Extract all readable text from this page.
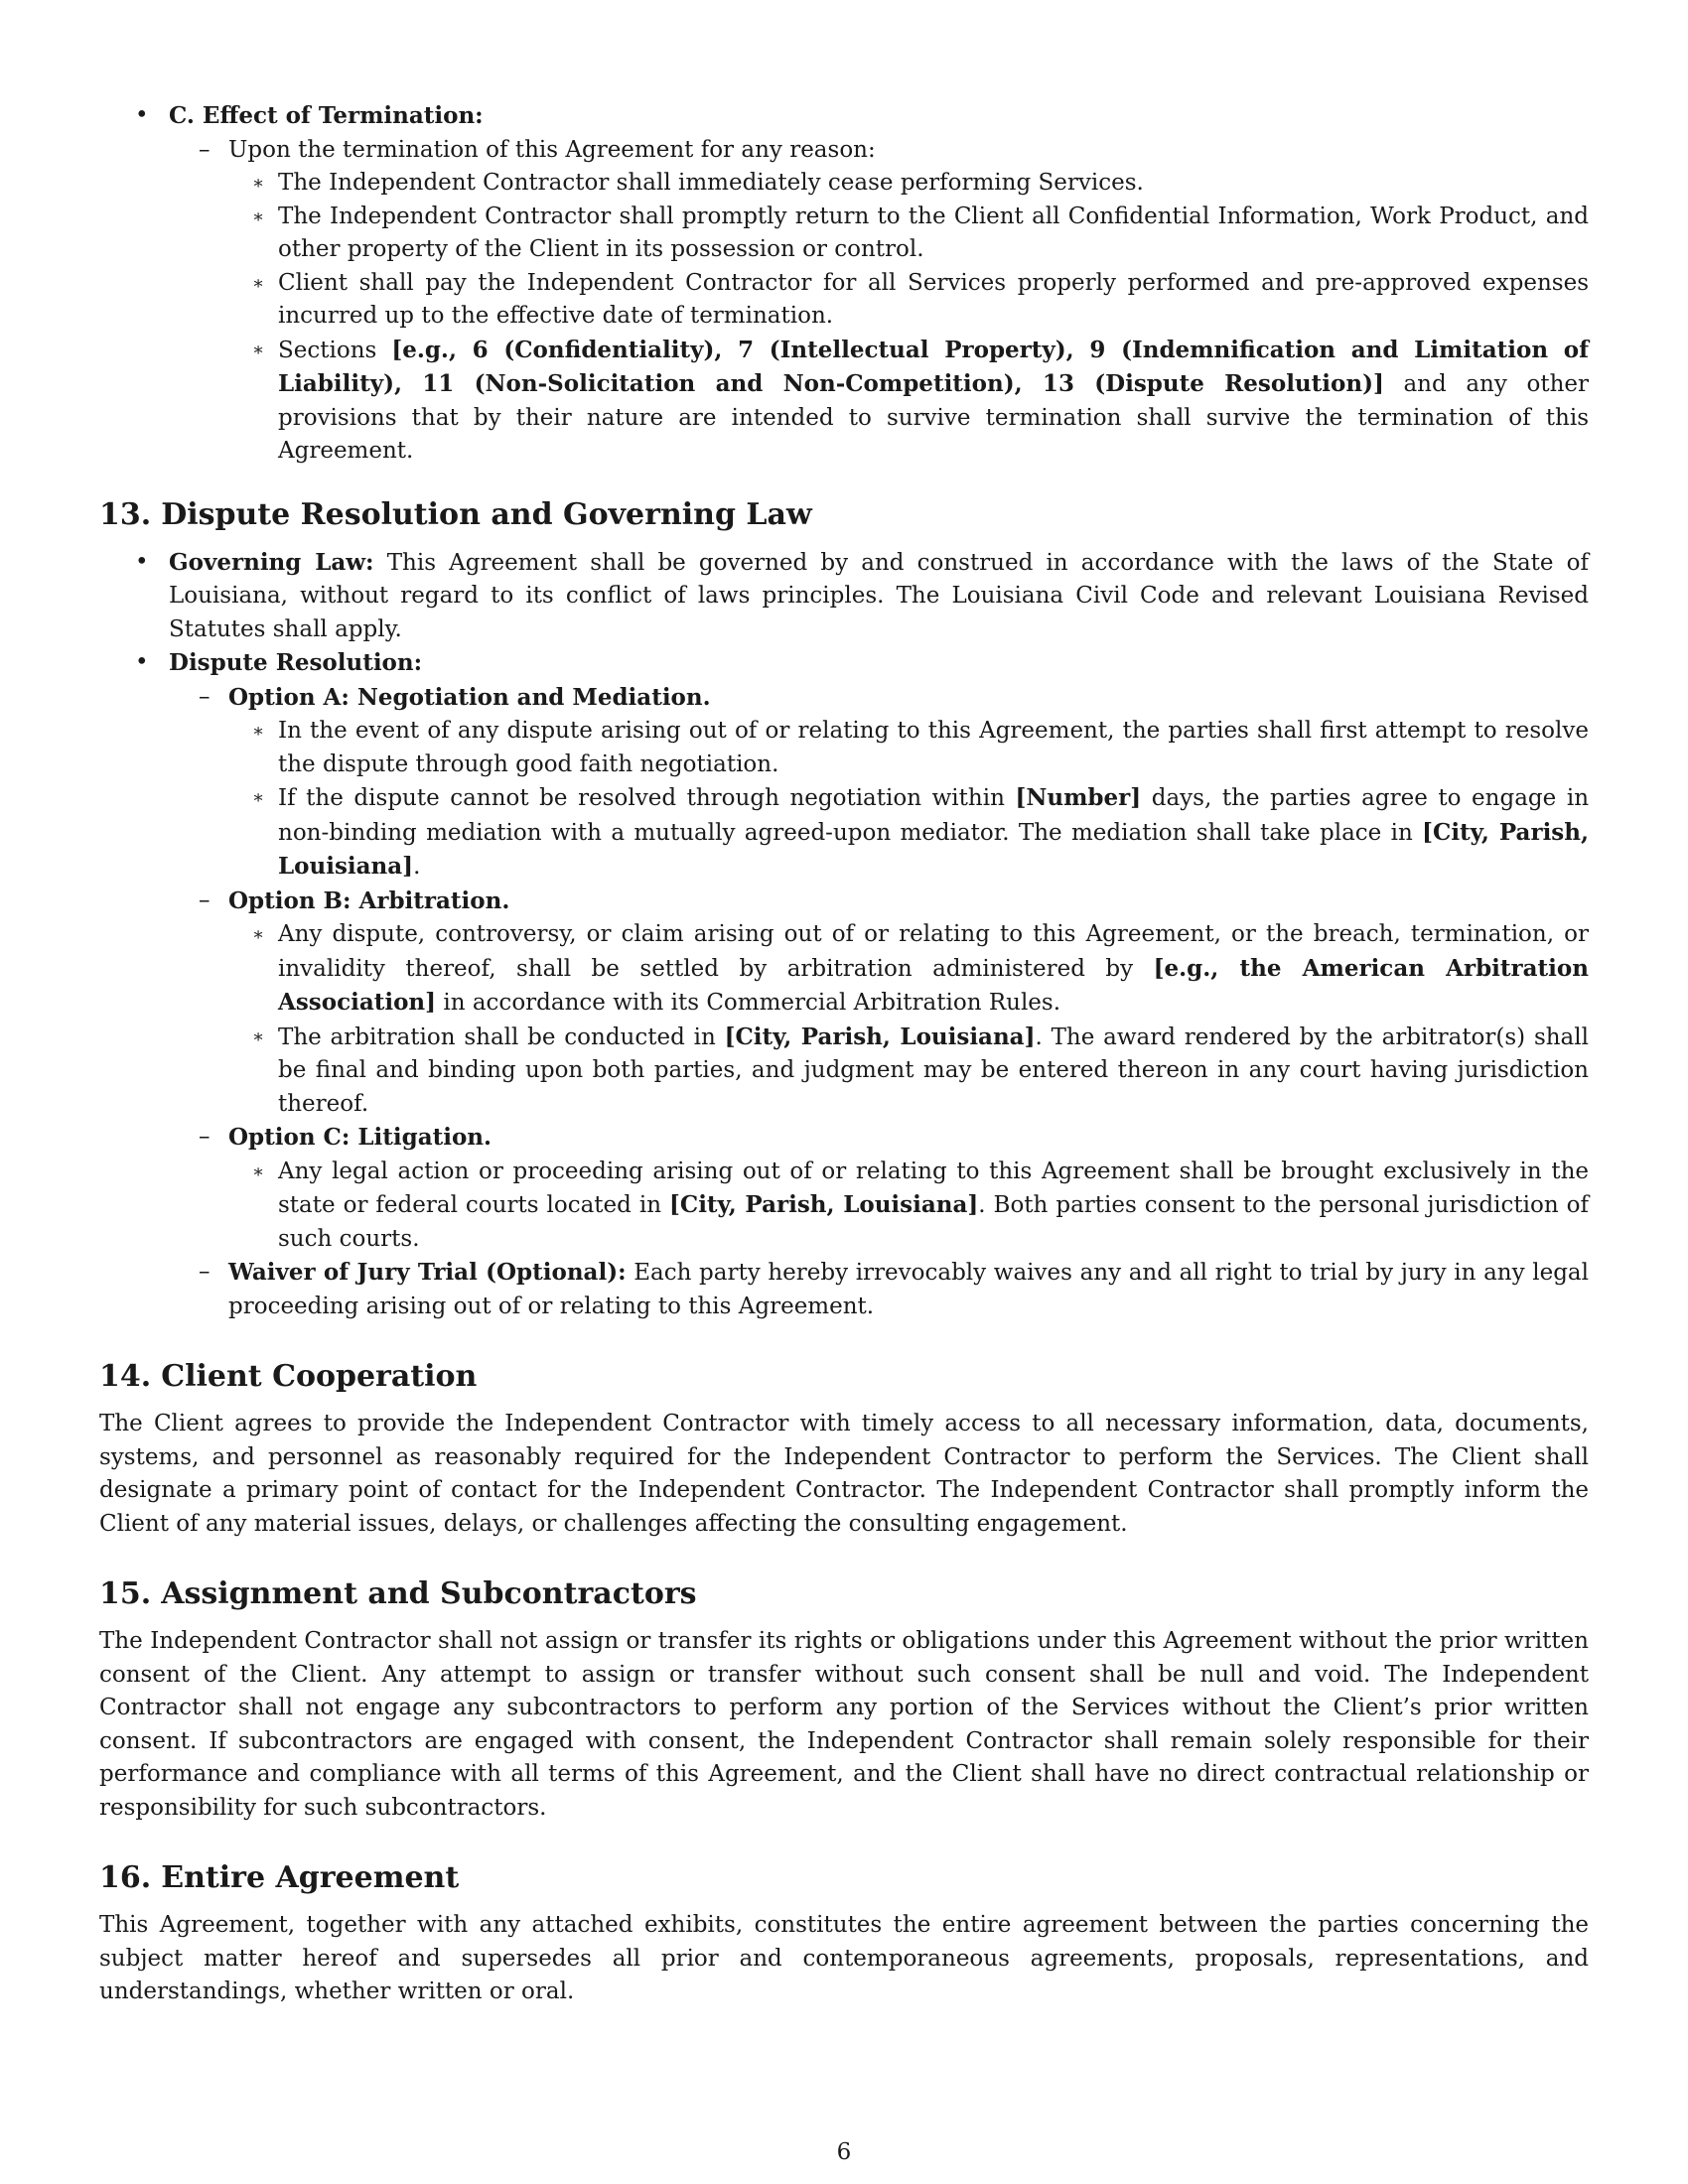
• C. Effect of Termination:
– Upon the termination of this Agreement for any reason:
∗ The Independent Contractor shall immediately cease performing Services.
∗ The Independent Contractor shall promptly return to the Client all Confidential Information, Work Product, and other property of the Client in its possession or control.
∗ Client shall pay the Independent Contractor for all Services properly performed and pre-approved expenses incurred up to the effective date of termination.
∗ Sections [e.g., 6 (Confidentiality), 7 (Intellectual Property), 9 (Indemnification and Limitation of Liability), 11 (Non-Solicitation and Non-Competition), 13 (Dispute Resolution)] and any other provisions that by their nature are intended to survive termination shall survive the termination of this Agreement.
13. Dispute Resolution and Governing Law
• Governing Law: This Agreement shall be governed by and construed in accordance with the laws of the State of Louisiana, without regard to its conflict of laws principles. The Louisiana Civil Code and relevant Louisiana Revised Statutes shall apply.
• Dispute Resolution:
– Option A: Negotiation and Mediation.
∗ In the event of any dispute arising out of or relating to this Agreement, the parties shall first attempt to resolve the dispute through good faith negotiation.
∗ If the dispute cannot be resolved through negotiation within [Number] days, the parties agree to engage in non-binding mediation with a mutually agreed-upon mediator. The mediation shall take place in [City, Parish, Louisiana].
– Option B: Arbitration.
∗ Any dispute, controversy, or claim arising out of or relating to this Agreement, or the breach, termination, or invalidity thereof, shall be settled by arbitration administered by [e.g., the American Arbitration Association] in accordance with its Commercial Arbitration Rules.
∗ The arbitration shall be conducted in [City, Parish, Louisiana]. The award rendered by the arbitrator(s) shall be final and binding upon both parties, and judgment may be entered thereon in any court having jurisdiction thereof.
– Option C: Litigation.
∗ Any legal action or proceeding arising out of or relating to this Agreement shall be brought exclusively in the state or federal courts located in [City, Parish, Louisiana]. Both parties consent to the personal jurisdiction of such courts.
– Waiver of Jury Trial (Optional): Each party hereby irrevocably waives any and all right to trial by jury in any legal proceeding arising out of or relating to this Agreement.
14. Client Cooperation

The Client agrees to provide the Independent Contractor with timely access to all necessary information, data, documents, systems, and personnel as reasonably required for the Independent Contractor to perform the Services. The Client shall designate a primary point of contact for the Independent Contractor. The Independent Contractor shall promptly inform the Client of any material issues, delays, or challenges affecting the consulting engagement.

15. Assignment and Subcontractors

The Independent Contractor shall not assign or transfer its rights or obligations under this Agreement without the prior written consent of the Client. Any attempt to assign or transfer without such consent shall be null and void. The Independent Contractor shall not engage any subcontractors to perform any portion of the Services without the Client’s prior written consent. If subcontractors are engaged with consent, the Independent Contractor shall remain solely responsible for their performance and compliance with all terms of this Agreement, and the Client shall have no direct contractual relationship or responsibility for such subcontractors.

16. Entire Agreement

This Agreement, together with any attached exhibits, constitutes the entire agreement between the parties concerning the subject matter hereof and supersedes all prior and contemporaneous agreements, proposals, representations, and understandings, whether written or oral.

6
